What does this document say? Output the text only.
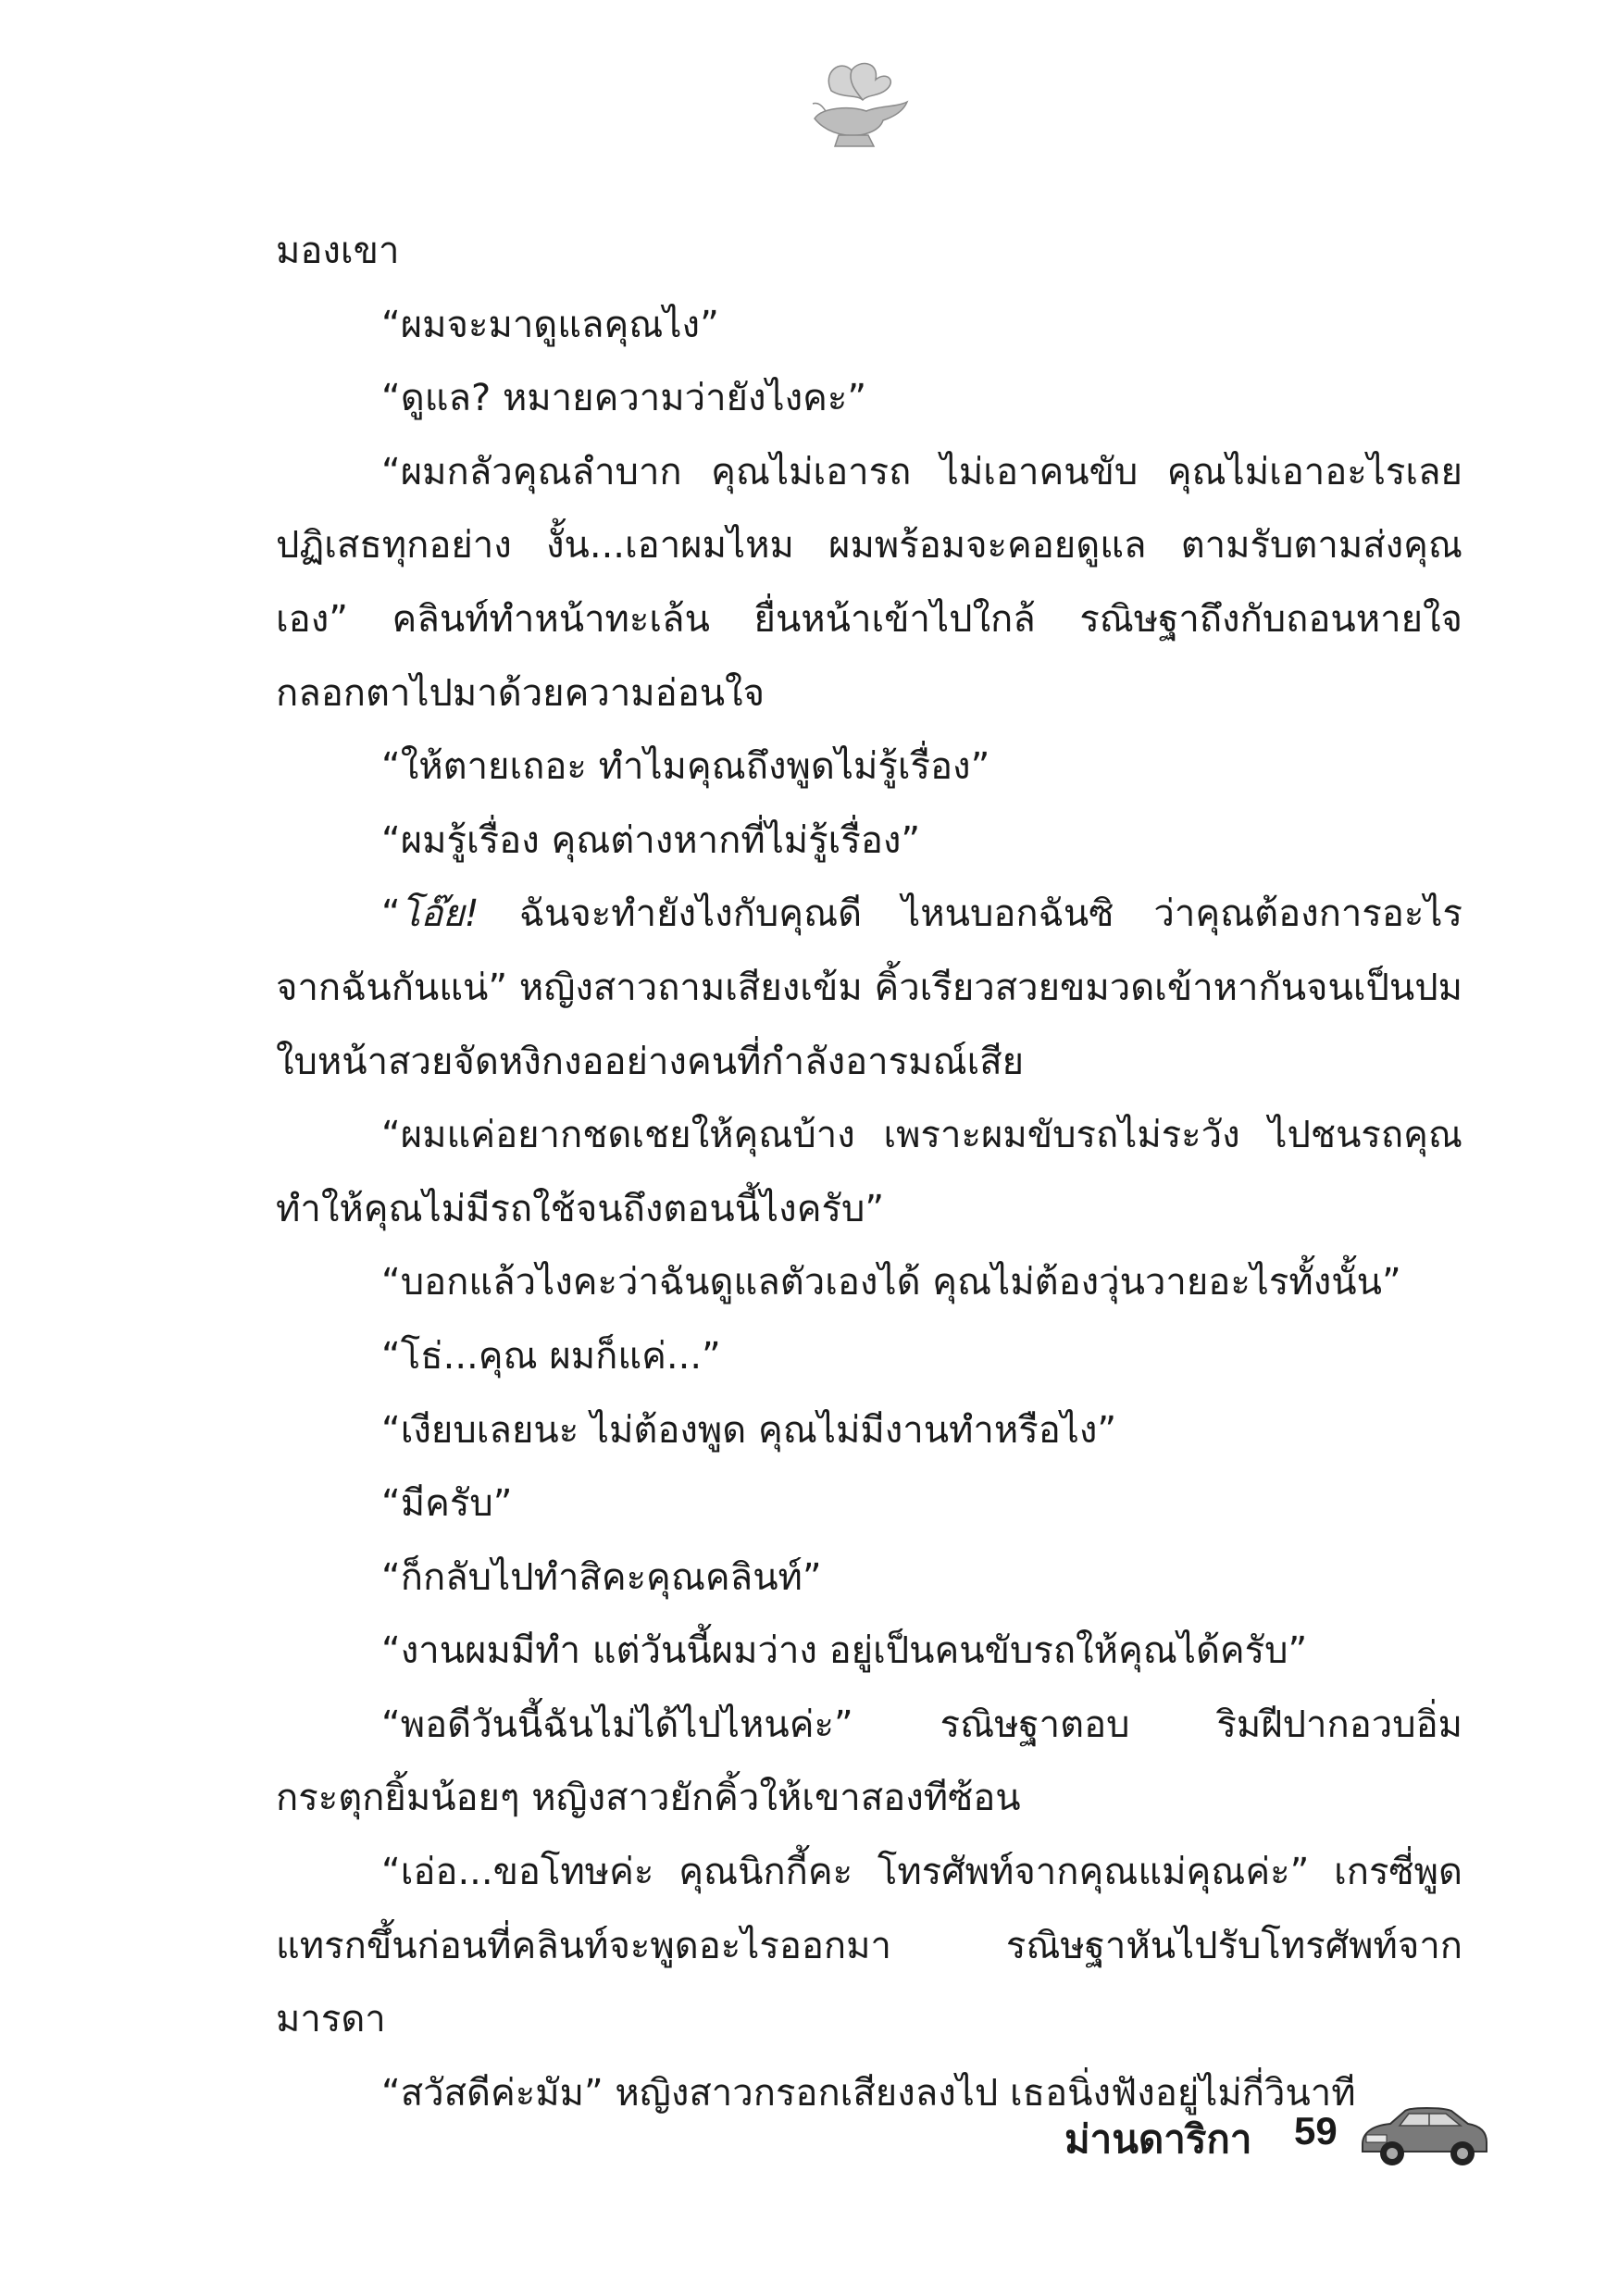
มองเขา
“ผมจะมาดูแลคุณไง”
“ดูแล? หมายความว่ายังไงคะ”
“ผมกลัวคุณลำบาก คุณไม่เอารถ ไม่เอาคนขับ คุณไม่เอาอะไรเลย
ปฏิเสธทุกอย่าง งั้น...เอาผมไหม ผมพร้อมจะคอยดูแล ตามรับตามส่งคุณ
เอง” คลินท์ทำหน้าทะเล้น ยื่นหน้าเข้าไปใกล้ รณิษฐาถึงกับถอนหายใจ
กลอกตาไปมาด้วยความอ่อนใจ
“ให้ตายเถอะ ทำไมคุณถึงพูดไม่รู้เรื่อง”
“ผมรู้เรื่อง คุณต่างหากที่ไม่รู้เรื่อง”
“โอ๊ย! ฉันจะทำยังไงกับคุณดี ไหนบอกฉันซิ ว่าคุณต้องการอะไร
จากฉันกันแน่” หญิงสาวถามเสียงเข้ม คิ้วเรียวสวยขมวดเข้าหากันจนเป็นปม
ใบหน้าสวยจัดหงิกงออย่างคนที่กำลังอารมณ์เสีย
“ผมแค่อยากชดเชยให้คุณบ้าง เพราะผมขับรถไม่ระวัง ไปชนรถคุณ
ทำให้คุณไม่มีรถใช้จนถึงตอนนี้ไงครับ”
“บอกแล้วไงคะว่าฉันดูแลตัวเองได้ คุณไม่ต้องวุ่นวายอะไรทั้งนั้น”
“โธ่...คุณ ผมก็แค่...”
“เงียบเลยนะ ไม่ต้องพูด คุณไม่มีงานทำหรือไง”
“มีครับ”
“ก็กลับไปทำสิคะคุณคลินท์”
“งานผมมีทำ แต่วันนี้ผมว่าง อยู่เป็นคนขับรถให้คุณได้ครับ”
“พอดีวันนี้ฉันไม่ได้ไปไหนค่ะ” รณิษฐาตอบ ริมฝีปากอวบอิ่ม
กระตุกยิ้มน้อยๆ หญิงสาวยักคิ้วให้เขาสองทีซ้อน
“เอ่อ...ขอโทษค่ะ คุณนิกกี้คะ โทรศัพท์จากคุณแม่คุณค่ะ” เกรซี่พูด
แทรกขึ้นก่อนที่คลินท์จะพูดอะไรออกมา รณิษฐาหันไปรับโทรศัพท์จาก
มารดา
“สวัสดีค่ะมัม” หญิงสาวกรอกเสียงลงไป เธอนิ่งฟังอยู่ไม่กี่วินาที
ม่านดาริกา 59
